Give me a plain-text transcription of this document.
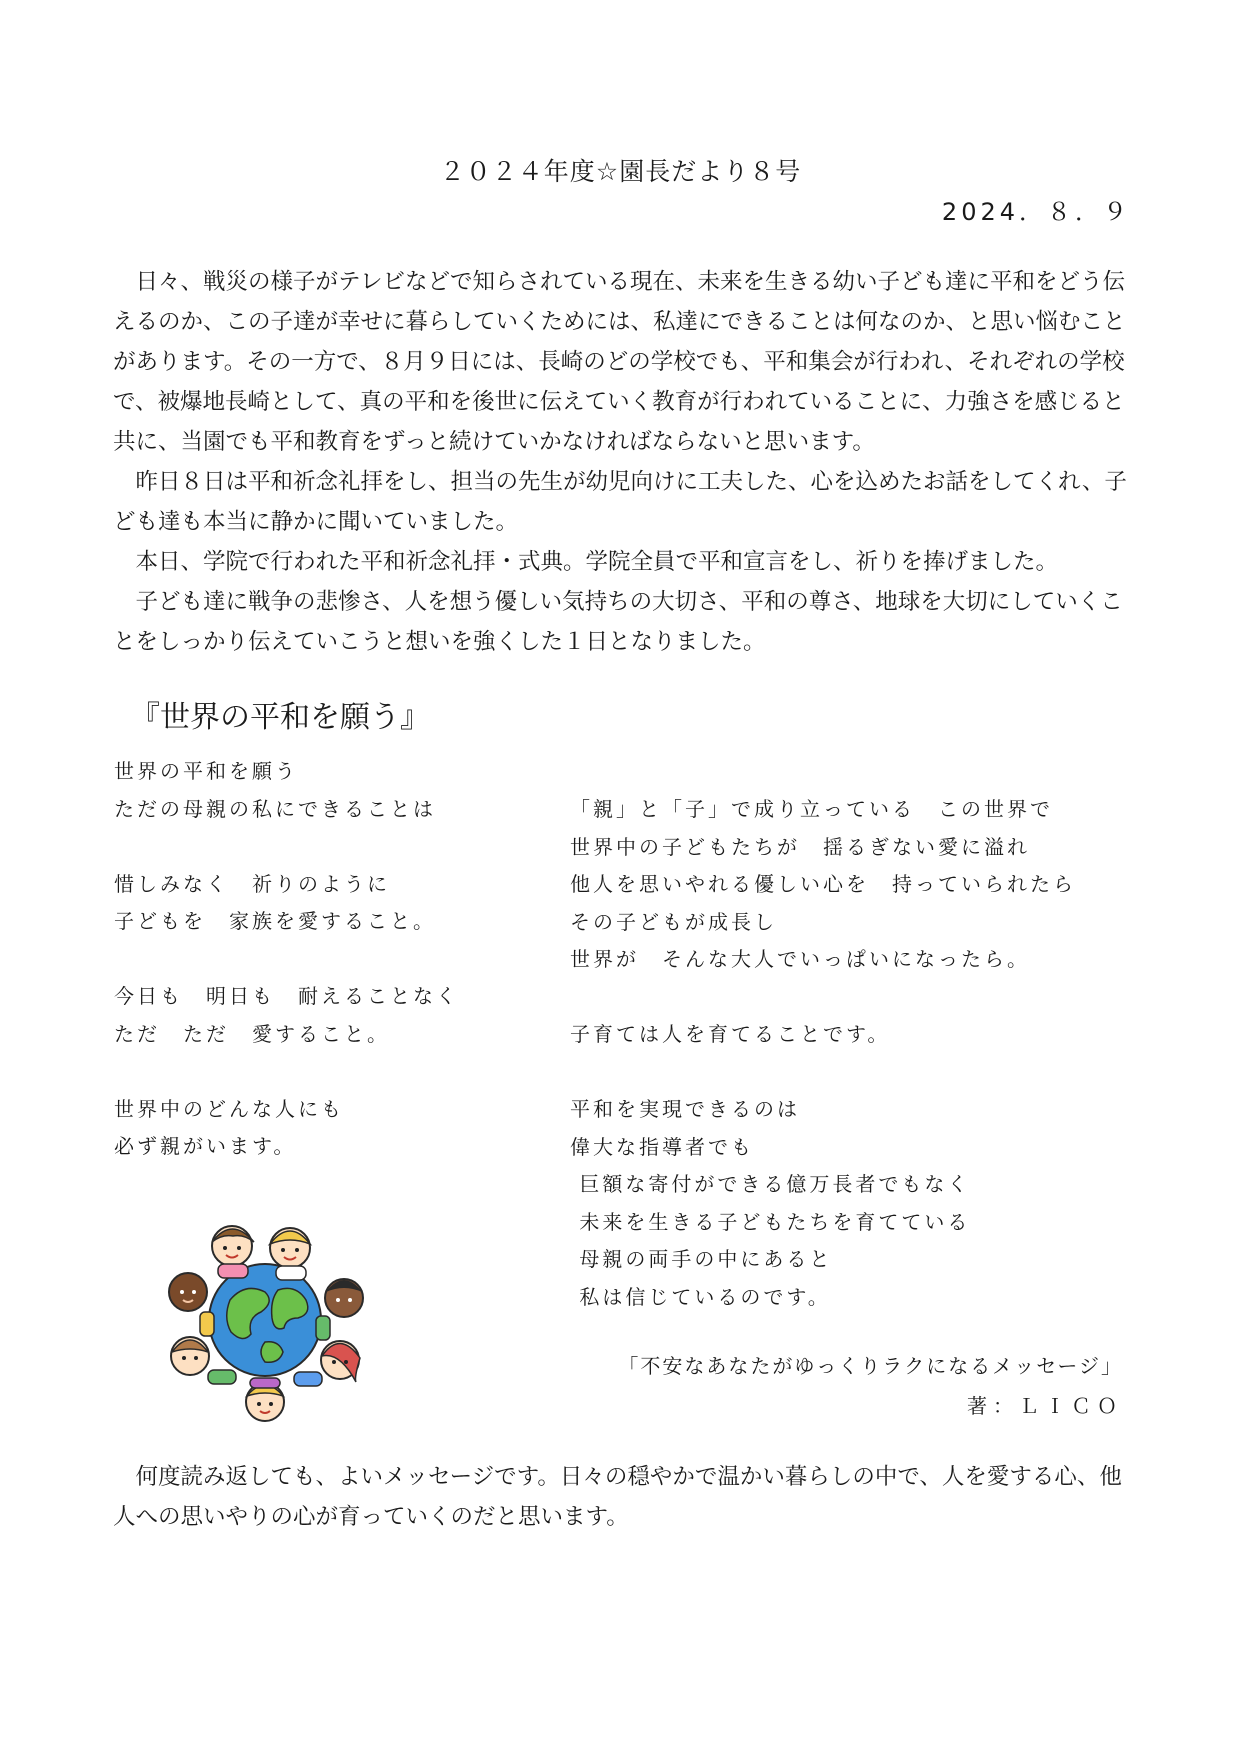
２０２４年度☆園長だより８号
2024．８．９

日々、戦災の様子がテレビなどで知らされている現在、未来を生きる幼い子ども達に平和をどう伝えるのか、この子達が幸せに暮らしていくためには、私達にできることは何なのか、と思い悩むことがあります。その一方で、８月９日には、長崎のどの学校でも、平和集会が行われ、それぞれの学校で、被爆地長崎として、真の平和を後世に伝えていく教育が行われていることに、力強さを感じると共に、当園でも平和教育をずっと続けていかなければならないと思います。

昨日８日は平和祈念礼拝をし、担当の先生が幼児向けに工夫した、心を込めたお話をしてくれ、子ども達も本当に静かに聞いていました。

本日、学院で行われた平和祈念礼拝・式典。学院全員で平和宣言をし、祈りを捧げました。

子ども達に戦争の悲惨さ、人を想う優しい気持ちの大切さ、平和の尊さ、地球を大切にしていくことをしっかり伝えていこうと想いを強くした１日となりました。

『世界の平和を願う』
世界の平和を願う
ただの母親の私にできることは
惜しみなく　祈りのように
子どもを　家族を愛すること。
今日も　明日も　耐えることなく
ただ　ただ　愛すること。
世界中のどんな人にも
必ず親がいます。
「親」と「子」で成り立っている　この世界で
世界中の子どもたちが　揺るぎない愛に溢れ
他人を思いやれる優しい心を　持っていられたら
その子どもが成長し
世界が　そんな大人でいっぱいになったら。
子育ては人を育てることです。
平和を実現できるのは
偉大な指導者でも
巨額な寄付ができる億万長者でもなく
未来を生きる子どもたちを育てている
母親の両手の中にあると
私は信じているのです。
「不安なあなたがゆっくりラクになるメッセージ」
著：ＬＩＣＯ

何度読み返しても、よいメッセージです。日々の穏やかで温かい暮らしの中で、人を愛する心、他人への思いやりの心が育っていくのだと思います。
